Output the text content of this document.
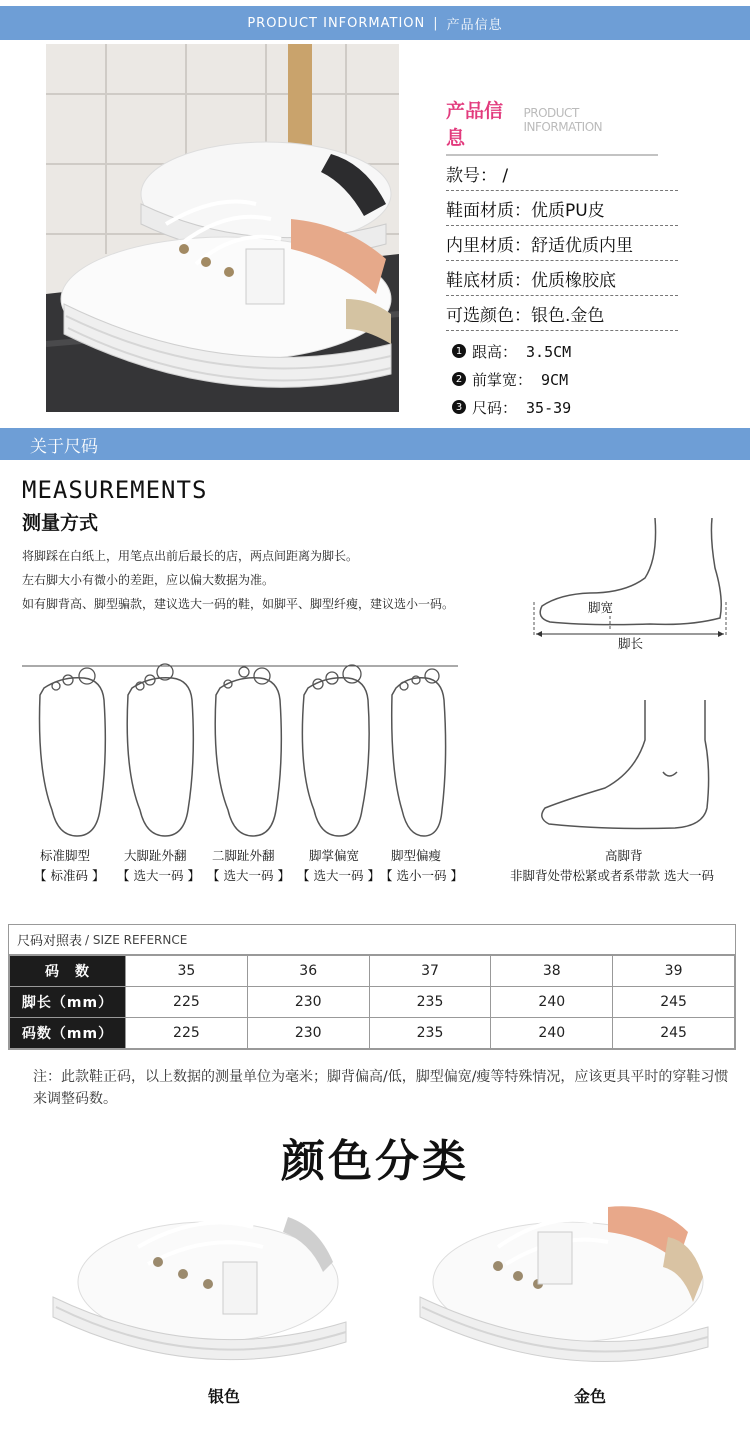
PRODUCT INFORMATION | 产品信息
产品信息
PRODUCT INFORMATION
款号： /
鞋面材质：优质PU皮
内里材质：舒适优质内里
鞋底材质：优质橡胶底
可选颜色：银色.金色
1 跟高： 3.5CM
2 前掌宽： 9CM
3 尺码： 35-39
关于尺码
MEASUREMENTS
测量方式
将脚踩在白纸上，用笔点出前后最长的店，两点间距离为脚长。
左右脚大小有微小的差距，应以偏大数据为准。
如有脚背高、脚型骗款，建议选大一码的鞋，如脚平、脚型纤瘦，建议选小一码。	脚宽
脚长
标准脚型
【 标准码 】
大脚趾外翻
【 选大一码 】
二脚趾外翻
【 选大一码 】
脚掌偏宽
【 选大一码 】
脚型偏瘦
【 选小一码 】
高脚背
非脚背处带松紧或者系带款 选大一码
尺码对照表 / SIZE REFERNCE
码　数	35	36	37	38	39
脚长（mm）	225	230	235	240	245
码数（mm）	225	230	235	240	245
注：此款鞋正码，以上数据的测量单位为毫米；脚背偏高/低，脚型偏宽/瘦等特殊情况，应该更具平时的穿鞋习惯来调整码数。
颜色分类
银色	金色
